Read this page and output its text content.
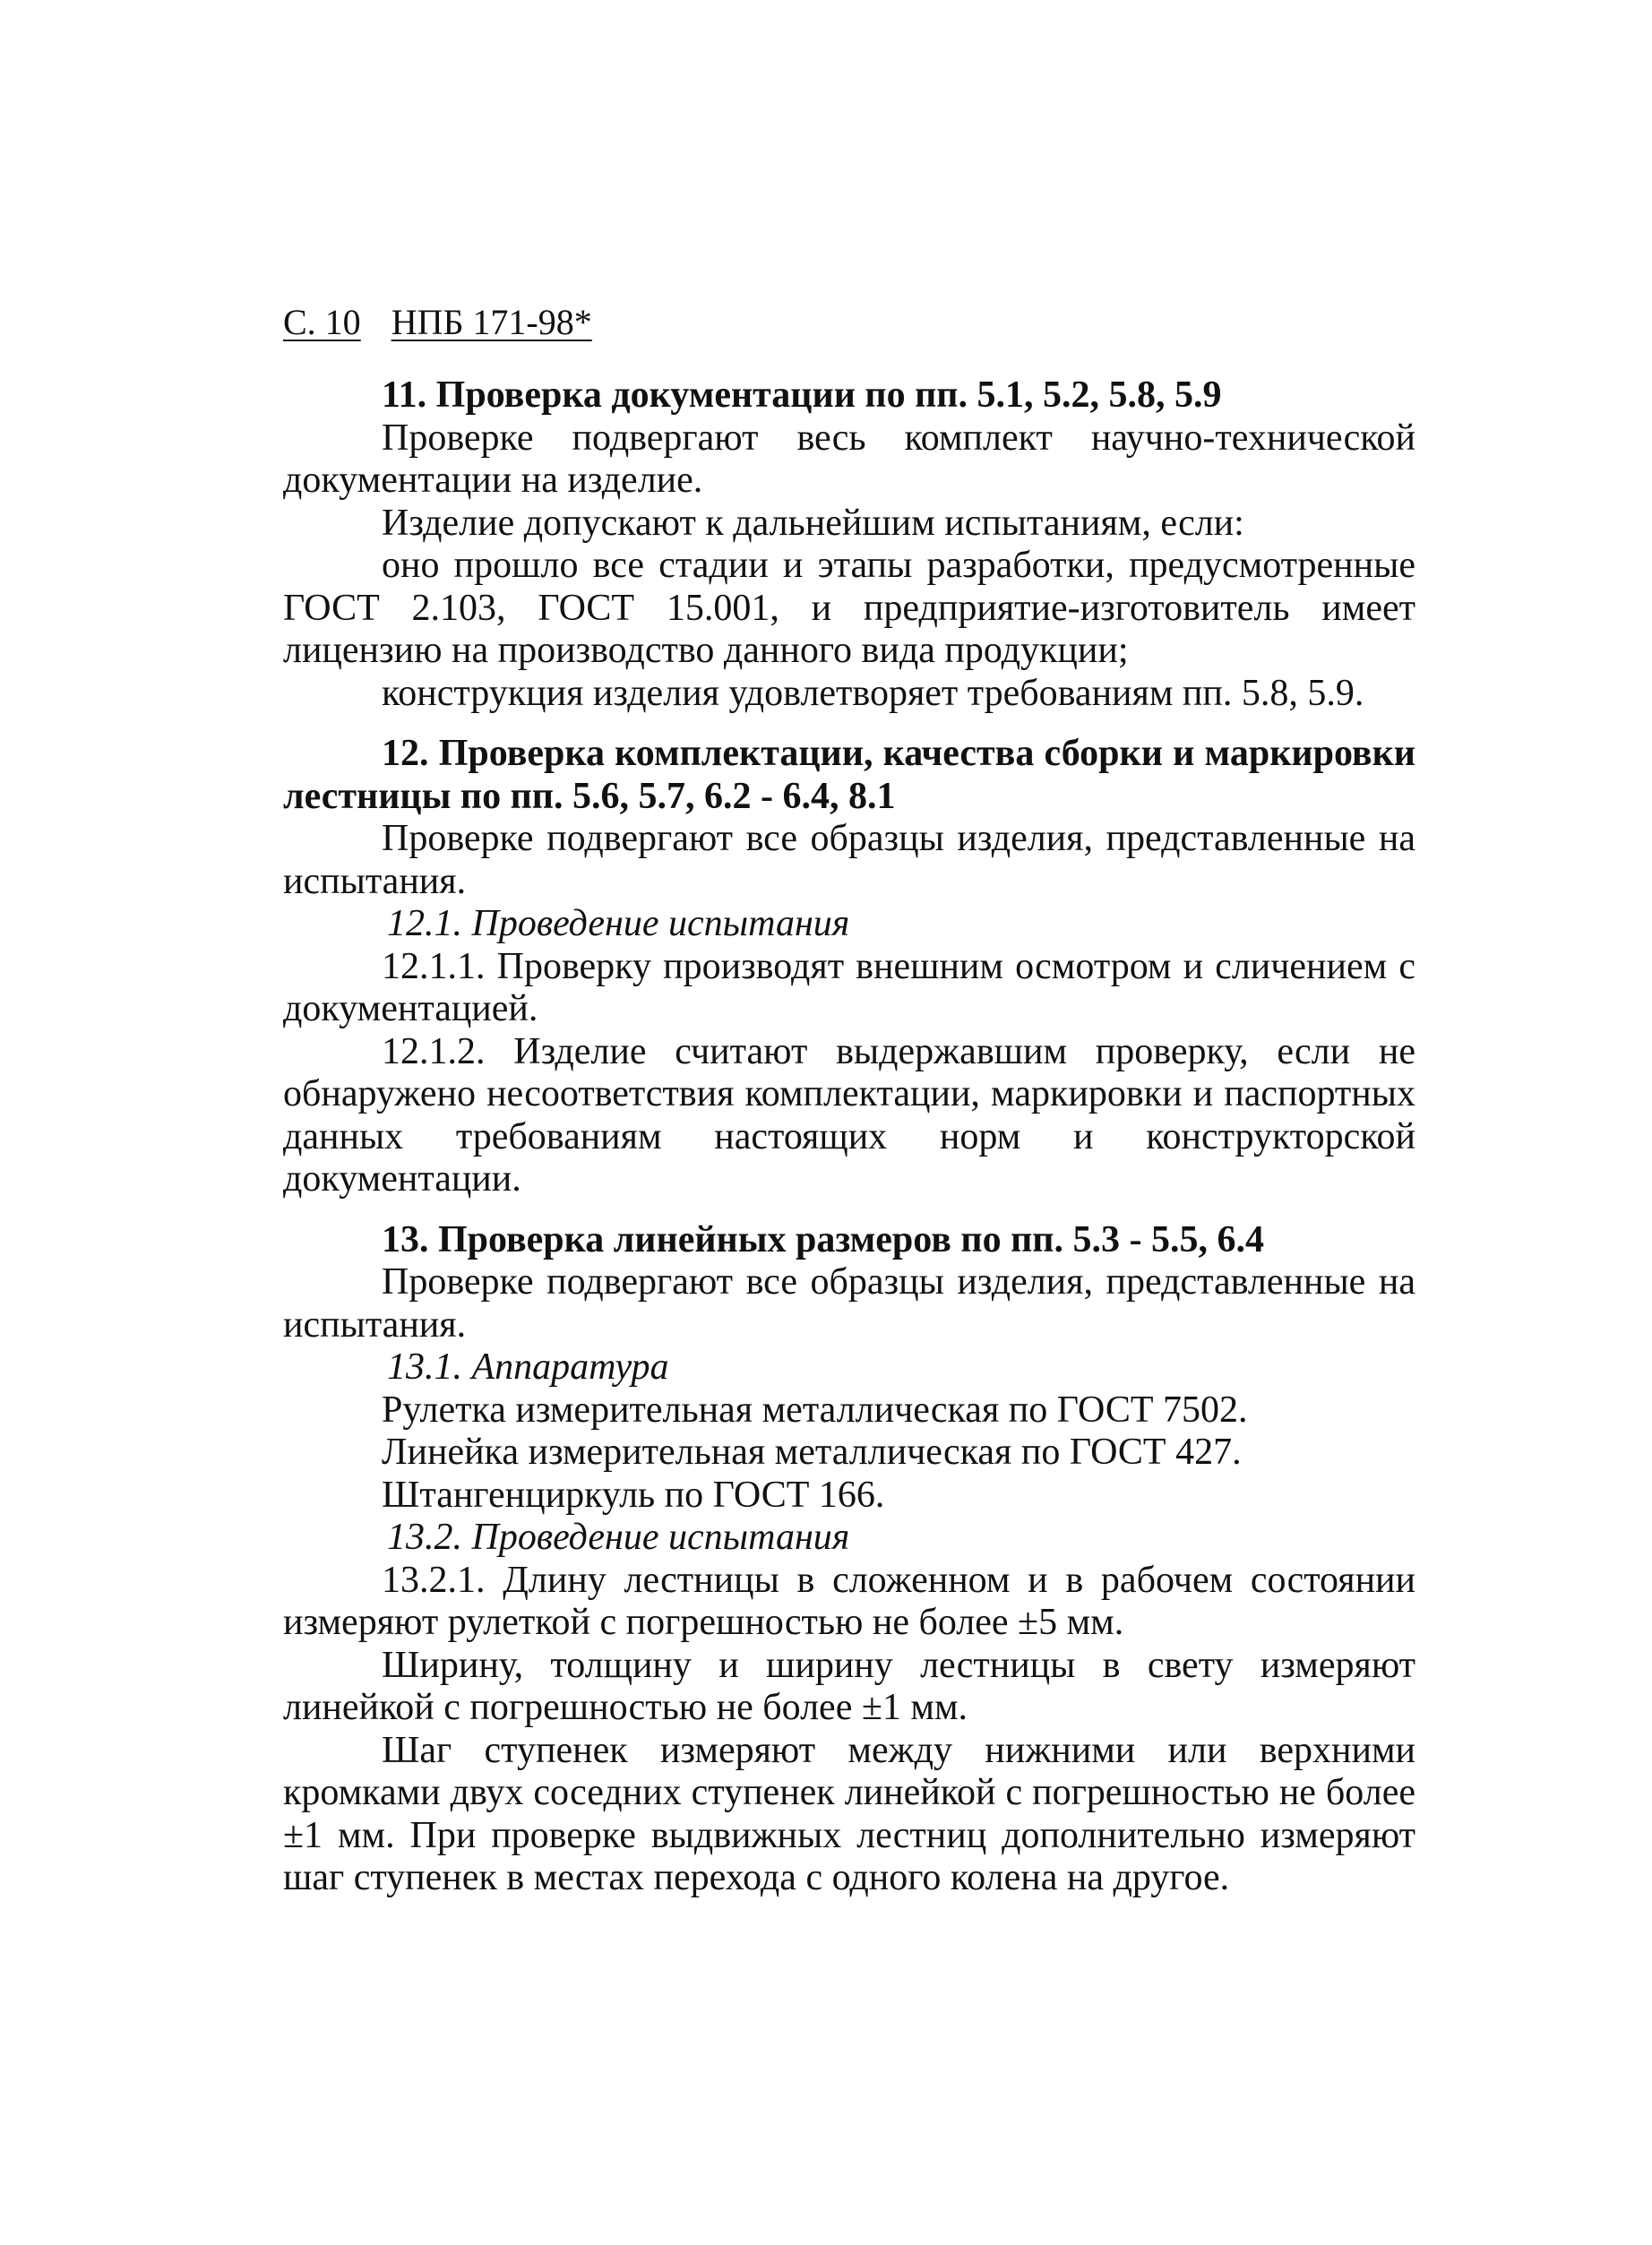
С. 10 НПБ 171-98*

11. Проверка документации по пп. 5.1, 5.2, 5.8, 5.9

Проверке подвергают весь комплект научно-технической документации на изделие.

Изделие допускают к дальнейшим испытаниям, если:

оно прошло все стадии и этапы разработки, предусмотренные ГОСТ 2.103, ГОСТ 15.001, и предприятие-изготовитель имеет лицензию на производство данного вида продукции;

конструкция изделия удовлетворяет требованиям пп. 5.8, 5.9.

12. Проверка комплектации, качества сборки и маркировки лестницы по пп. 5.6, 5.7, 6.2 - 6.4, 8.1

Проверке подвергают все образцы изделия, представленные на испытания.

12.1. Проведение испытания

12.1.1. Проверку производят внешним осмотром и сличением с документацией.

12.1.2. Изделие считают выдержавшим проверку, если не обнаружено несоответствия комплектации, маркировки и паспортных данных требованиям настоящих норм и конструкторской документации.

13. Проверка линейных размеров по пп. 5.3 - 5.5, 6.4

Проверке подвергают все образцы изделия, представленные на испытания.

13.1. Аппаратура

Рулетка измерительная металлическая по ГОСТ 7502.

Линейка измерительная металлическая по ГОСТ 427.

Штангенциркуль по ГОСТ 166.

13.2. Проведение испытания

13.2.1. Длину лестницы в сложенном и в рабочем состоянии измеряют рулеткой с погрешностью не более ±5 мм.

Ширину, толщину и ширину лестницы в свету измеряют линейкой с погрешностью не более ±1 мм.

Шаг ступенек измеряют между нижними или верхними кромками двух соседних ступенек линейкой с погрешностью не более ±1 мм. При проверке выдвижных лестниц дополнительно измеряют шаг ступенек в местах перехода с одного колена на другое.
